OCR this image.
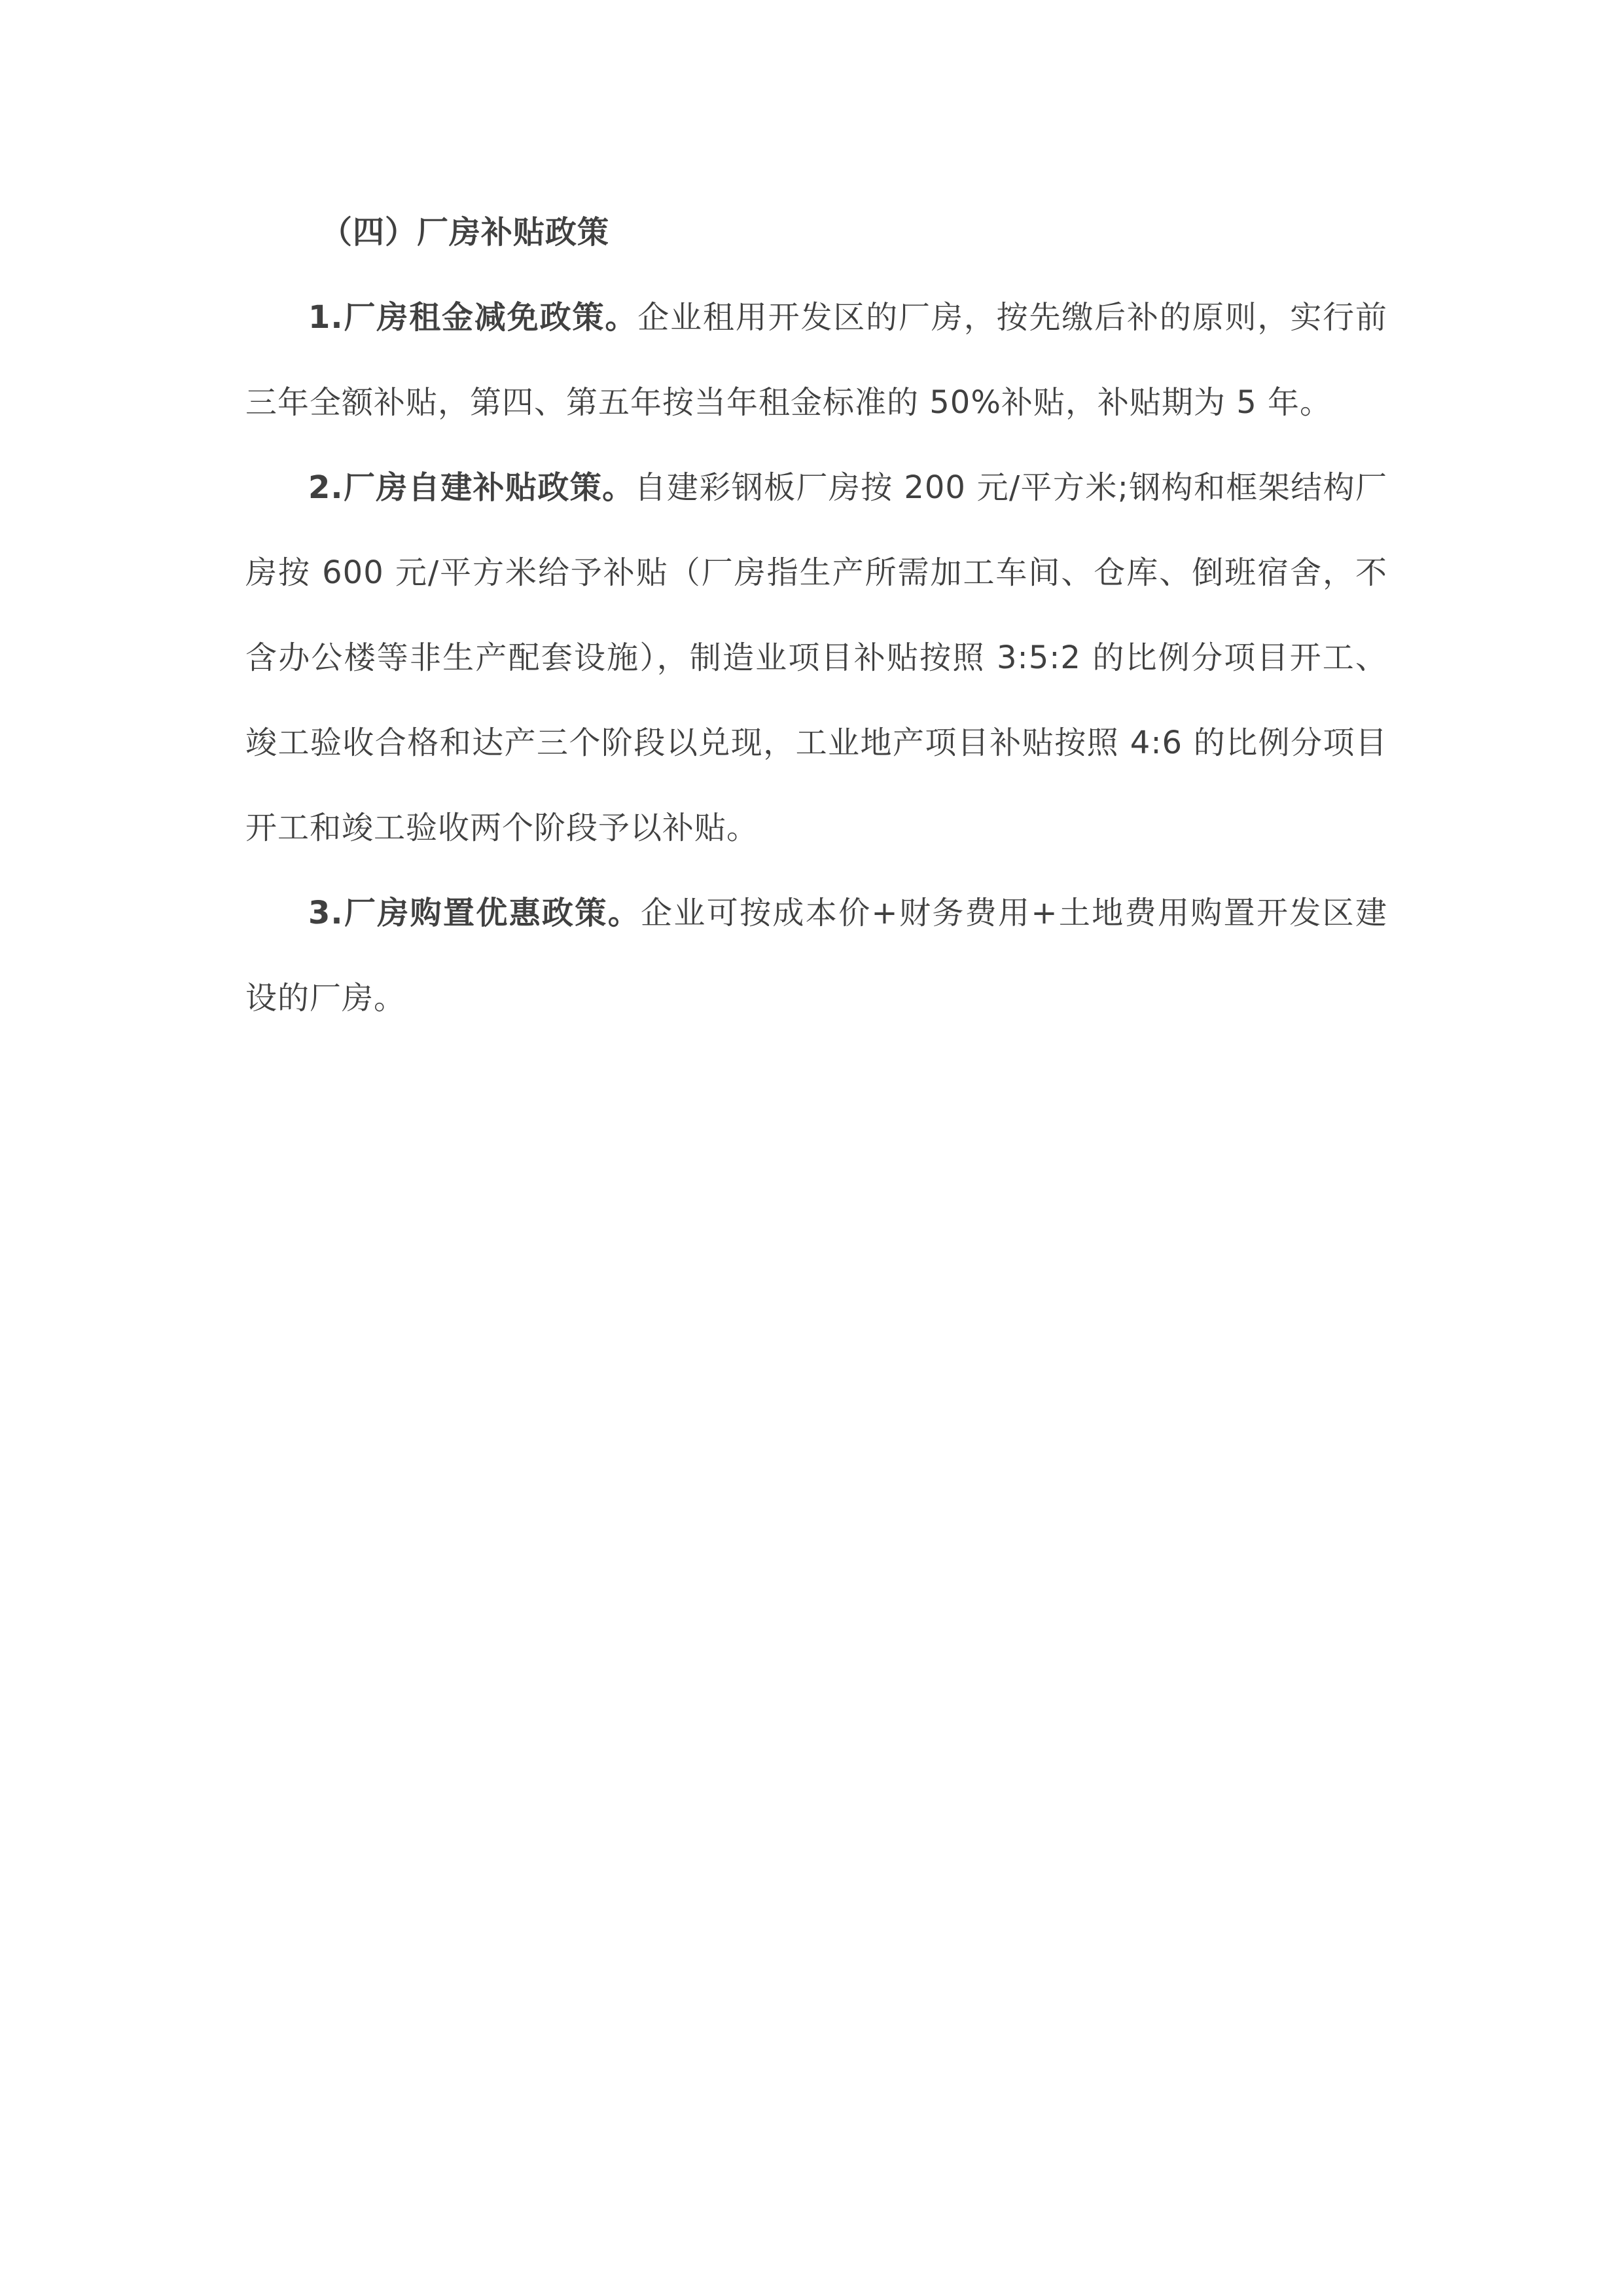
（四）厂房补贴政策

1.厂房租金减免政策。企业租用开发区的厂房，按先缴后补的原则，实行前三年全额补贴，第四、第五年按当年租金标准的 50%补贴，补贴期为 5 年。

2.厂房自建补贴政策。自建彩钢板厂房按 200 元/平方米;钢构和框架结构厂房按 600 元/平方米给予补贴（厂房指生产所需加工车间、仓库、倒班宿舍，不含办公楼等非生产配套设施），制造业项目补贴按照 3:5:2 的比例分项目开工、竣工验收合格和达产三个阶段以兑现，工业地产项目补贴按照 4:6 的比例分项目开工和竣工验收两个阶段予以补贴。

3.厂房购置优惠政策。企业可按成本价+财务费用+土地费用购置开发区建设的厂房。
